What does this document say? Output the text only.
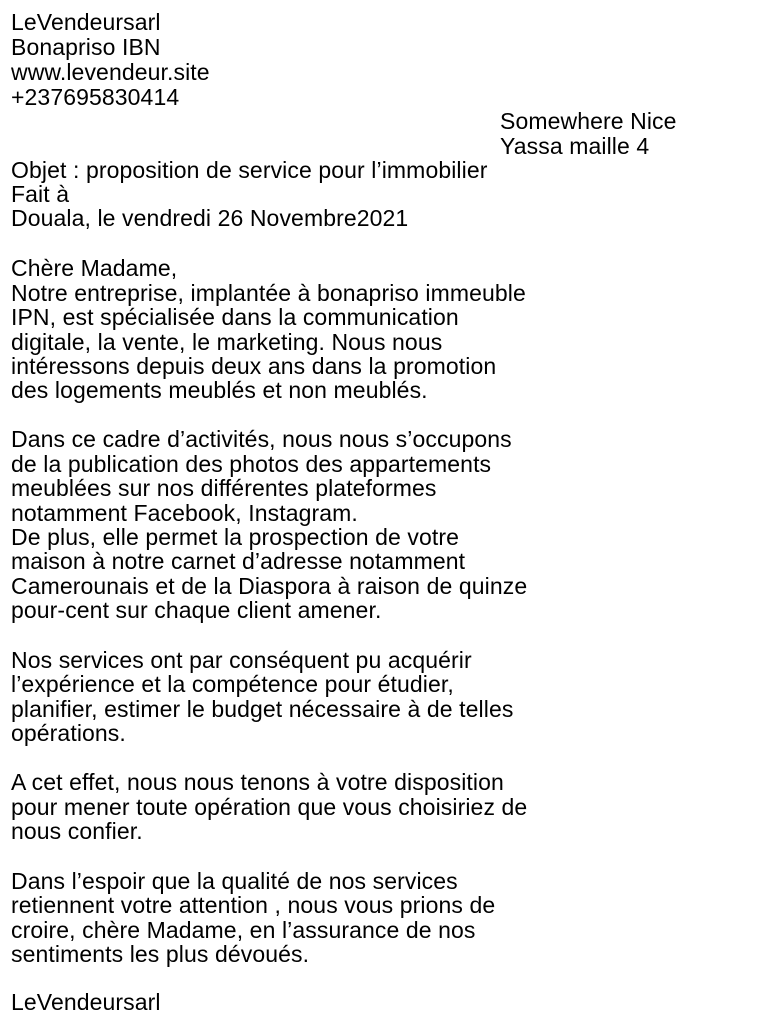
LeVendeursarl
Bonapriso IBN
www.levendeur.site
+237695830414
Somewhere Nice
Yassa maille 4
Objet : proposition de service pour l’immobilier
Fait à
Douala, le vendredi 26 Novembre2021
Chère Madame,
Notre entreprise, implantée à bonapriso immeuble
IPN, est spécialisée dans la communication
digitale, la vente, le marketing. Nous nous
intéressons depuis deux ans dans la promotion
des logements meublés et non meublés.
Dans ce cadre d’activités, nous nous s’occupons
de la publication des photos des appartements
meublées sur nos différentes plateformes
notamment Facebook, Instagram.
De plus, elle permet la prospection de votre
maison à notre carnet d’adresse notamment
Camerounais et de la Diaspora à raison de quinze
pour-cent sur chaque client amener.
Nos services ont par conséquent pu acquérir
l’expérience et la compétence pour étudier,
planifier, estimer le budget nécessaire à de telles
opérations.
A cet effet, nous nous tenons à votre disposition
pour mener toute opération que vous choisiriez de
nous confier.
Dans l’espoir que la qualité de nos services
retiennent votre attention , nous vous prions de
croire, chère Madame, en l’assurance de nos
sentiments les plus dévoués.
LeVendeursarl
